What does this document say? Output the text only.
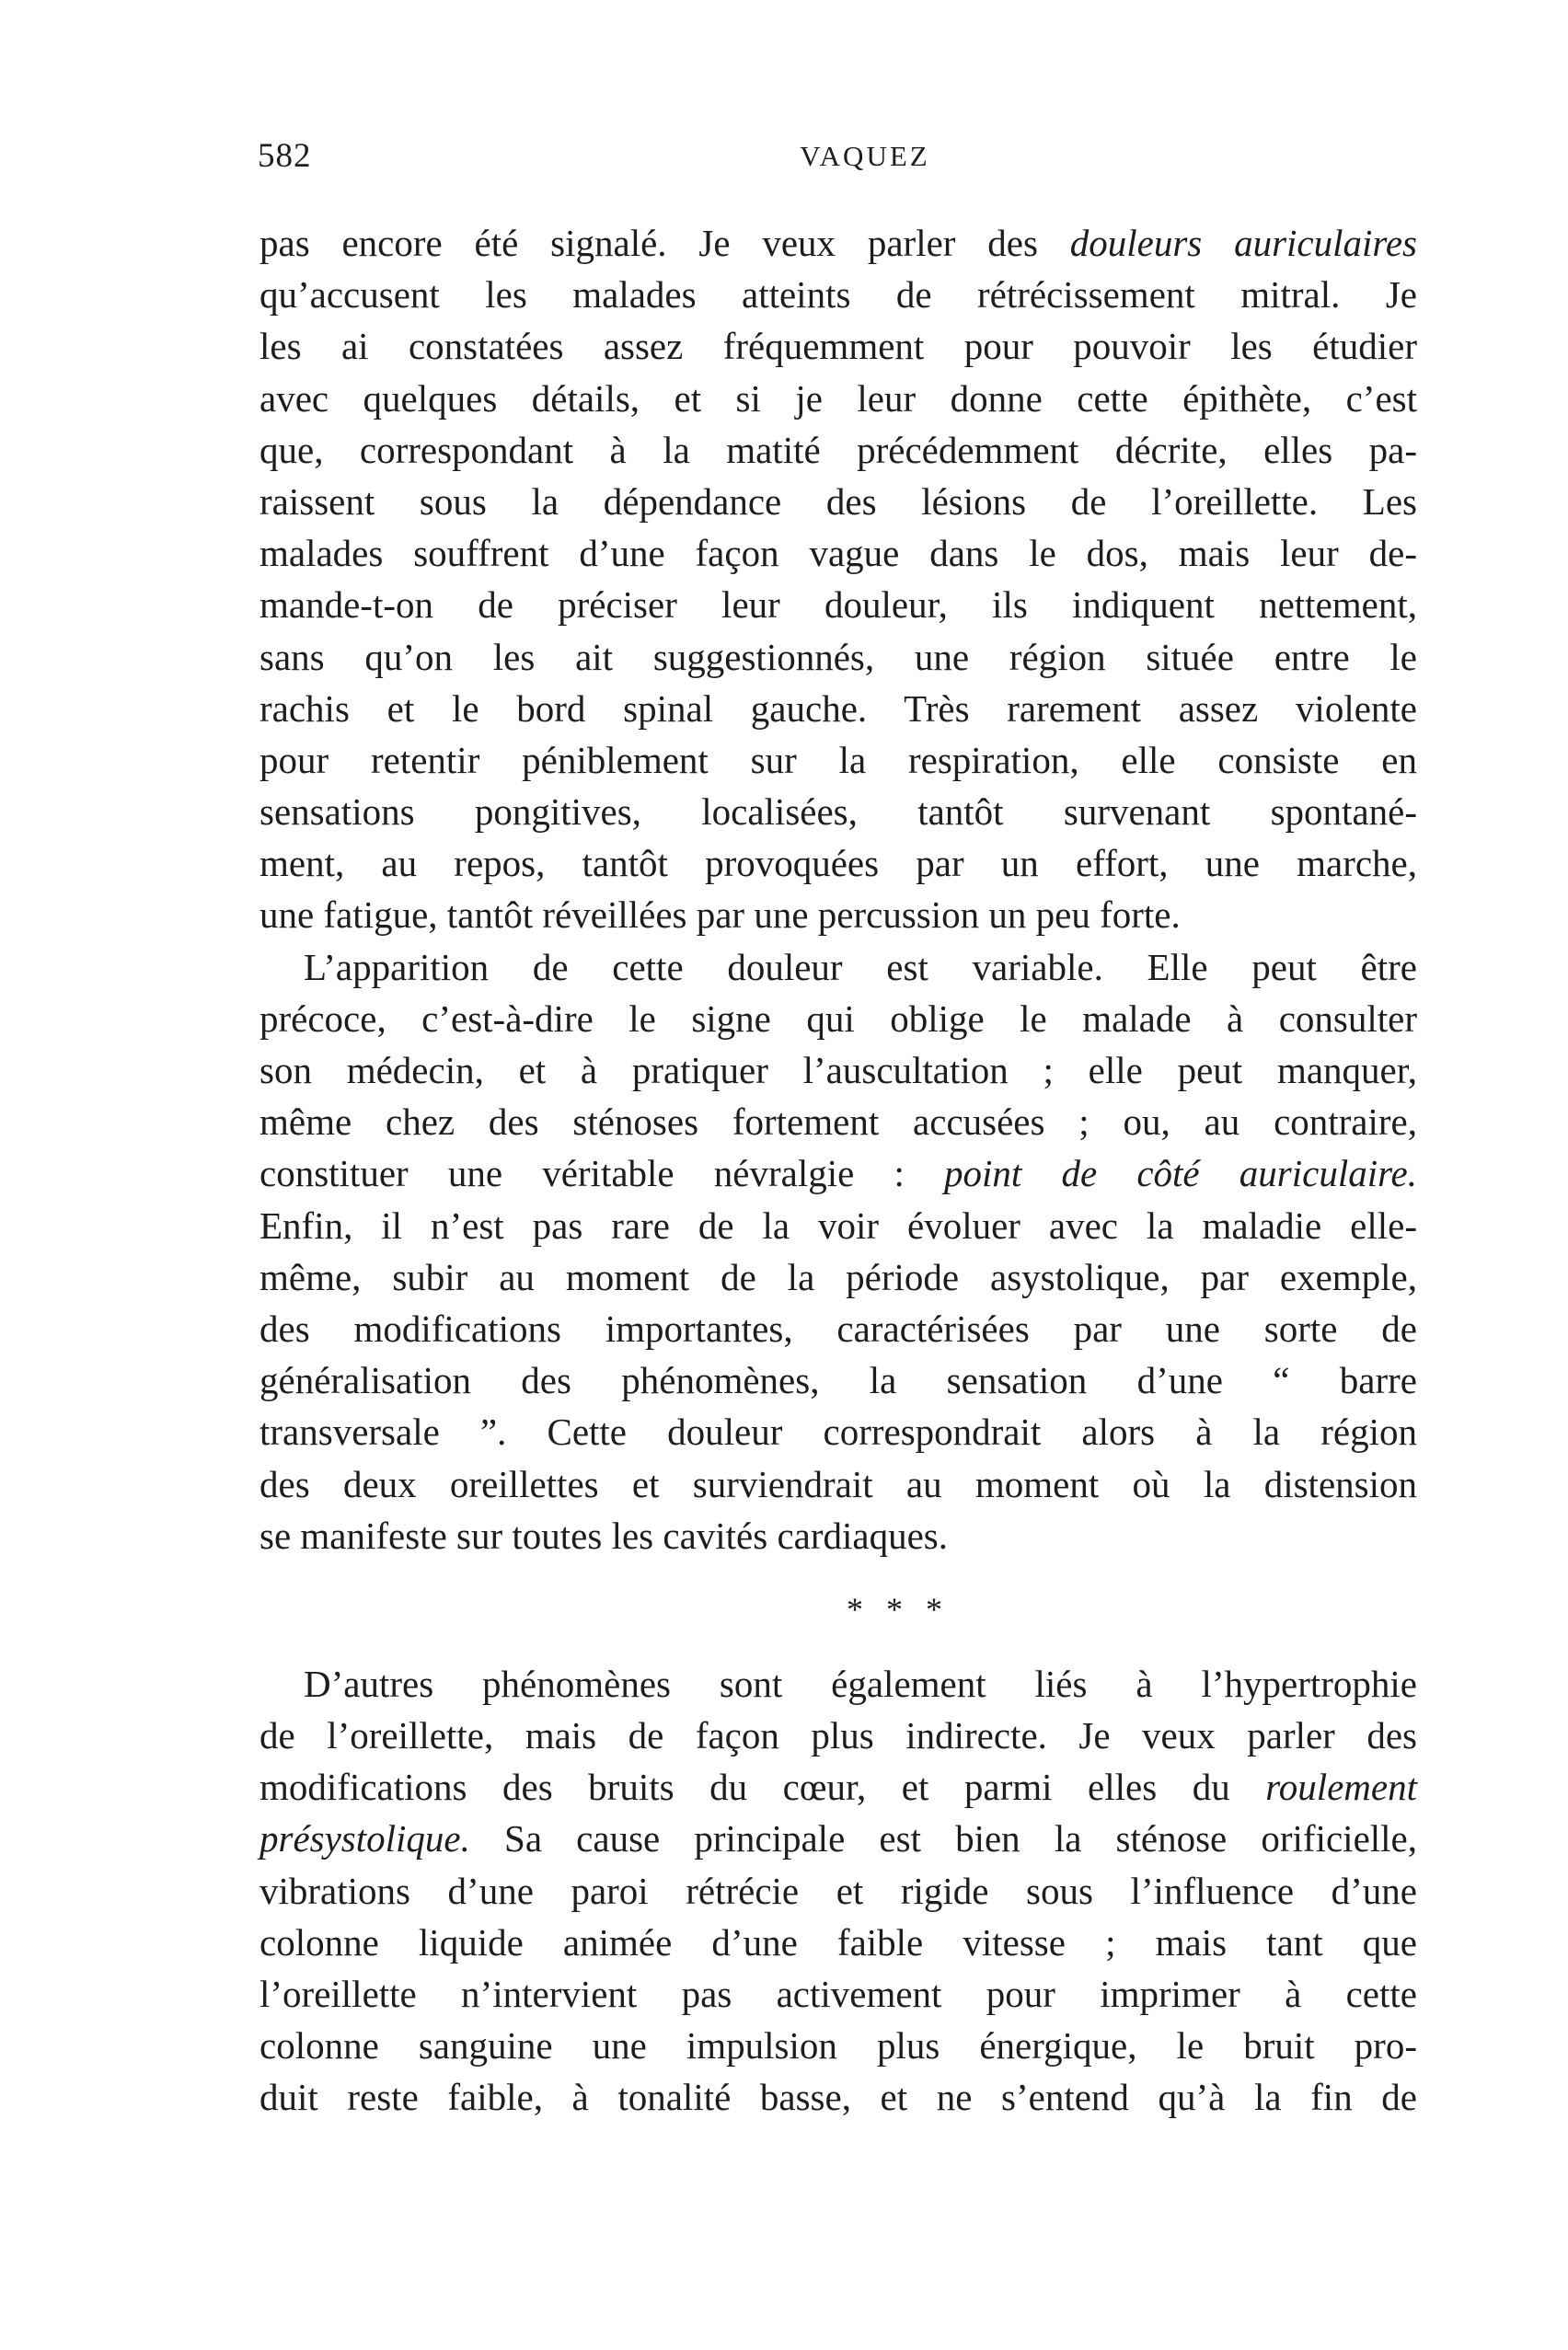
582	VAQUEZ
pas encore été signalé. Je veux parler des douleurs auriculaires
qu’accusent les malades atteints de rétrécissement mitral. Je
les ai constatées assez fréquemment pour pouvoir les étudier
avec quelques détails, et si je leur donne cette épithète, c’est
que, correspondant à la matité précédemment décrite, elles pa-
raissent sous la dépendance des lésions de l’oreillette. Les
malades souffrent d’une façon vague dans le dos, mais leur de-
mande-t-on de préciser leur douleur, ils indiquent nettement,
sans qu’on les ait suggestionnés, une région située entre le
rachis et le bord spinal gauche. Très rarement assez violente
pour retentir péniblement sur la respiration, elle consiste en
sensations pongitives, localisées, tantôt survenant spontané-
ment, au repos, tantôt provoquées par un effort, une marche,
une fatigue, tantôt réveillées par une percussion un peu forte.
L’apparition de cette douleur est variable. Elle peut être
précoce, c’est-à-dire le signe qui oblige le malade à consulter
son médecin, et à pratiquer l’auscultation ; elle peut manquer,
même chez des sténoses fortement accusées ; ou, au contraire,
constituer une véritable névralgie : point de côté auriculaire.
Enfin, il n’est pas rare de la voir évoluer avec la maladie elle-
même, subir au moment de la période asystolique, par exemple,
des modifications importantes, caractérisées par une sorte de
généralisation des phénomènes, la sensation d’une “ barre
transversale ”. Cette douleur correspondrait alors à la région
des deux oreillettes et surviendrait au moment où la distension
se manifeste sur toutes les cavités cardiaques.
* * *
D’autres phénomènes sont également liés à l’hypertrophie
de l’oreillette, mais de façon plus indirecte. Je veux parler des
modifications des bruits du cœur, et parmi elles du roulement
présystolique. Sa cause principale est bien la sténose orificielle,
vibrations d’une paroi rétrécie et rigide sous l’influence d’une
colonne liquide animée d’une faible vitesse ; mais tant que
l’oreillette n’intervient pas activement pour imprimer à cette
colonne sanguine une impulsion plus énergique, le bruit pro-
duit reste faible, à tonalité basse, et ne s’entend qu’à la fin de
